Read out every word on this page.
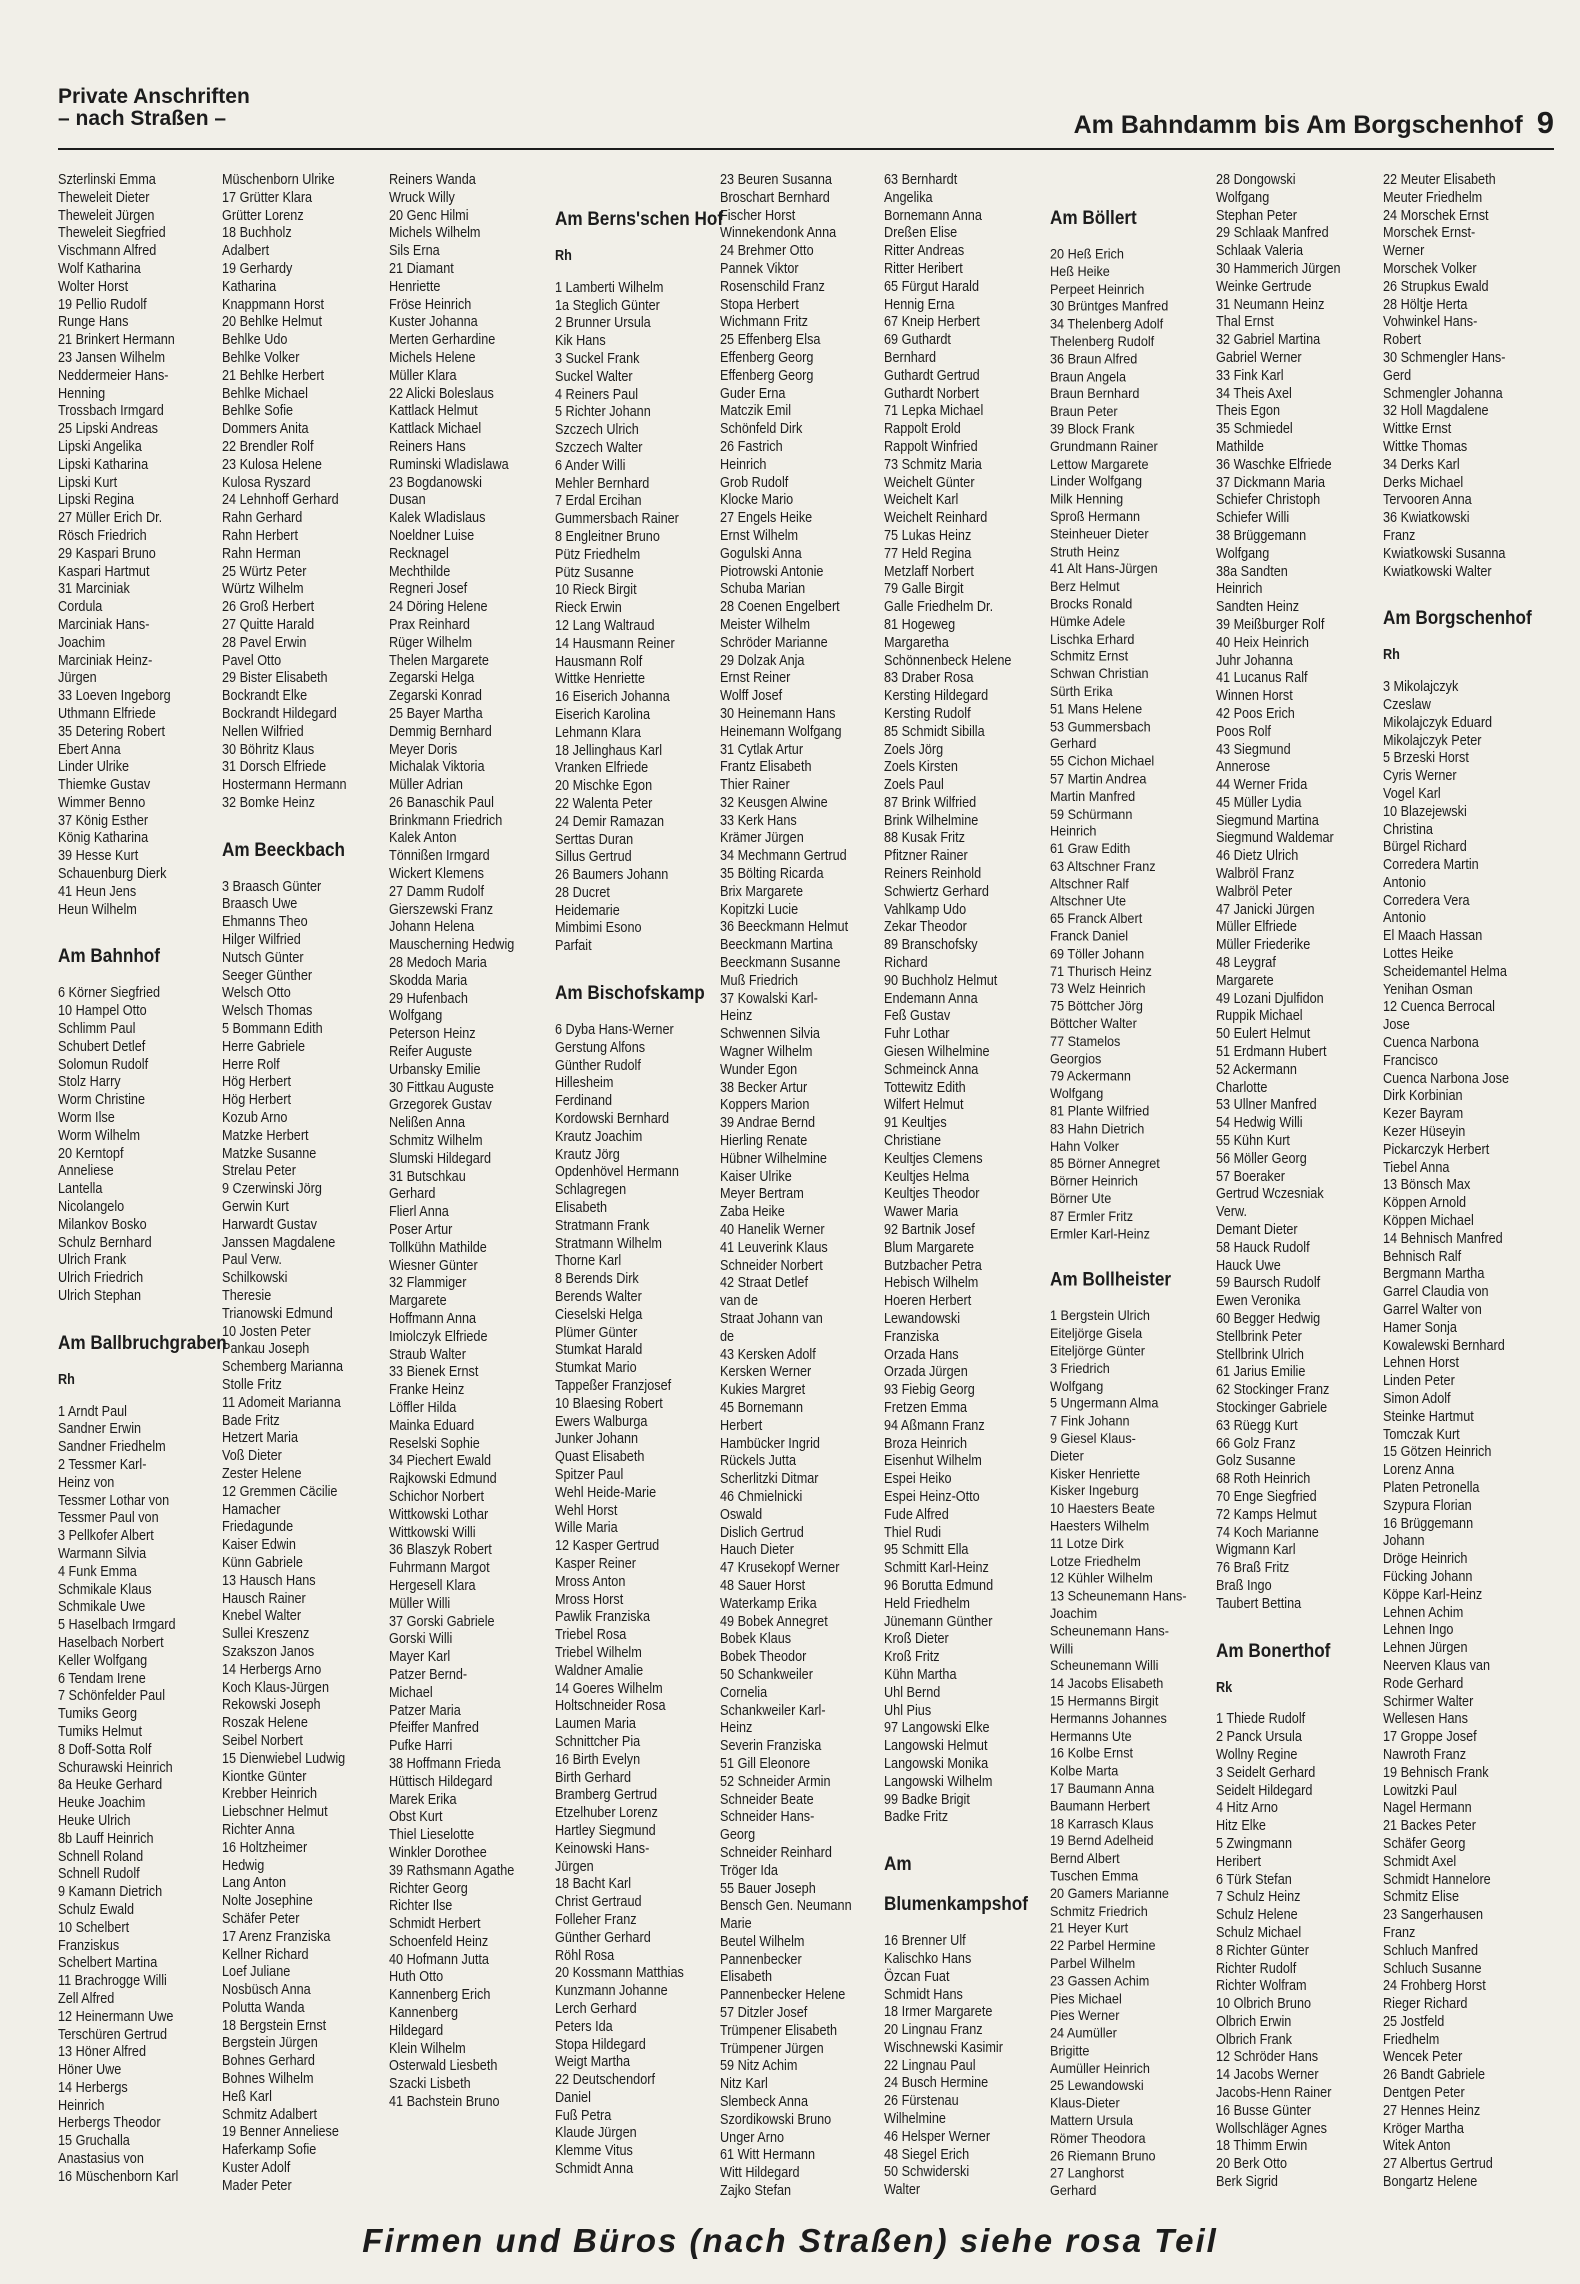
Private Anschriften
– nach Straßen –	Am Bahndamm bis Am Borgschenhof 9
Szterlinski Emma
Theweleit Dieter
Theweleit Jürgen
Theweleit Siegfried
Vischmann Alfred
Wolf Katharina
Wolter Horst
19 Pellio Rudolf
Runge Hans
21 Brinkert Hermann
23 Jansen Wilhelm
Neddermeier Hans-
Henning
Trossbach Irmgard
25 Lipski Andreas
Lipski Angelika
Lipski Katharina
Lipski Kurt
Lipski Regina
27 Müller Erich Dr.
Rösch Friedrich
29 Kaspari Bruno
Kaspari Hartmut
31 Marciniak
Cordula
Marciniak Hans-
Joachim
Marciniak Heinz-
Jürgen
33 Loeven Ingeborg
Uthmann Elfriede
35 Detering Robert
Ebert Anna
Linder Ulrike
Thiemke Gustav
Wimmer Benno
37 König Esther
König Katharina
39 Hesse Kurt
Schauenburg Dierk
41 Heun Jens
Heun Wilhelm
Am Bahnhof
6 Körner Siegfried
10 Hampel Otto
Schlimm Paul
Schubert Detlef
Solomun Rudolf
Stolz Harry
Worm Christine
Worm Ilse
Worm Wilhelm
20 Kerntopf
Anneliese
Lantella
Nicolangelo
Milankov Bosko
Schulz Bernhard
Ulrich Frank
Ulrich Friedrich
Ulrich Stephan
Am Ballbruchgraben
Rh
1 Arndt Paul
Sandner Erwin
Sandner Friedhelm
2 Tessmer Karl-
Heinz von
Tessmer Lothar von
Tessmer Paul von
3 Pellkofer Albert
Warmann Silvia
4 Funk Emma
Schmikale Klaus
Schmikale Uwe
5 Haselbach Irmgard
Haselbach Norbert
Keller Wolfgang
6 Tendam Irene
7 Schönfelder Paul
Tumiks Georg
Tumiks Helmut
8 Doff-Sotta Rolf
Schurawski Heinrich
8a Heuke Gerhard
Heuke Joachim
Heuke Ulrich
8b Lauff Heinrich
Schnell Roland
Schnell Rudolf
9 Kamann Dietrich
Schulz Ewald
10 Schelbert
Franziskus
Schelbert Martina
11 Brachrogge Willi
Zell Alfred
12 Heinermann Uwe
Terschüren Gertrud
13 Höner Alfred
Höner Uwe
14 Herbergs
Heinrich
Herbergs Theodor
15 Gruchalla
Anastasius von
16 Müschenborn Karl
Müschenborn Ulrike
17 Grütter Klara
Grütter Lorenz
18 Buchholz
Adalbert
19 Gerhardy
Katharina
Knappmann Horst
20 Behlke Helmut
Behlke Udo
Behlke Volker
21 Behlke Herbert
Behlke Michael
Behlke Sofie
Dommers Anita
22 Brendler Rolf
23 Kulosa Helene
Kulosa Ryszard
24 Lehnhoff Gerhard
Rahn Gerhard
Rahn Herbert
Rahn Herman
25 Würtz Peter
Würtz Wilhelm
26 Groß Herbert
27 Quitte Harald
28 Pavel Erwin
Pavel Otto
29 Bister Elisabeth
Bockrandt Elke
Bockrandt Hildegard
Nellen Wilfried
30 Böhritz Klaus
31 Dorsch Elfriede
Hostermann Hermann
32 Bomke Heinz
Am Beeckbach
3 Braasch Günter
Braasch Uwe
Ehmanns Theo
Hilger Wilfried
Nutsch Günter
Seeger Günther
Welsch Otto
Welsch Thomas
5 Bommann Edith
Herre Gabriele
Herre Rolf
Hög Herbert
Hög Herbert
Kozub Arno
Matzke Herbert
Matzke Susanne
Strelau Peter
9 Czerwinski Jörg
Gerwin Kurt
Harwardt Gustav
Janssen Magdalene
Paul Verw.
Schilkowski
Theresie
Trianowski Edmund
10 Josten Peter
Pankau Joseph
Schemberg Marianna
Stolle Fritz
11 Adomeit Marianna
Bade Fritz
Hetzert Maria
Voß Dieter
Zester Helene
12 Gremmen Cäcilie
Hamacher
Friedagunde
Kaiser Edwin
Künn Gabriele
13 Hausch Hans
Hausch Rainer
Knebel Walter
Sullei Kreszenz
Szakszon Janos
14 Herbergs Arno
Koch Klaus-Jürgen
Rekowski Joseph
Roszak Helene
Seibel Norbert
15 Dienwiebel Ludwig
Kiontke Günter
Krebber Heinrich
Liebschner Helmut
Richter Anna
16 Holtzheimer
Hedwig
Lang Anton
Nolte Josephine
Schäfer Peter
17 Arenz Franziska
Kellner Richard
Loef Juliane
Nosbüsch Anna
Polutta Wanda
18 Bergstein Ernst
Bergstein Jürgen
Bohnes Gerhard
Bohnes Wilhelm
Heß Karl
Schmitz Adalbert
19 Benner Anneliese
Haferkamp Sofie
Kuster Adolf
Mader Peter
Reiners Wanda
Wruck Willy
20 Genc Hilmi
Michels Wilhelm
Sils Erna
21 Diamant
Henriette
Fröse Heinrich
Kuster Johanna
Merten Gerhardine
Michels Helene
Müller Klara
22 Alicki Boleslaus
Kattlack Helmut
Kattlack Michael
Reiners Hans
Ruminski Wladislawa
23 Bogdanowski
Dusan
Kalek Wladislaus
Noeldner Luise
Recknagel
Mechthilde
Regneri Josef
24 Döring Helene
Prax Reinhard
Rüger Wilhelm
Thelen Margarete
Zegarski Helga
Zegarski Konrad
25 Bayer Martha
Demmig Bernhard
Meyer Doris
Michalak Viktoria
Müller Adrian
26 Banaschik Paul
Brinkmann Friedrich
Kalek Anton
Tönnißen Irmgard
Wickert Klemens
27 Damm Rudolf
Gierszewski Franz
Johann Helena
Mauscherning Hedwig
28 Medoch Maria
Skodda Maria
29 Hufenbach
Wolfgang
Peterson Heinz
Reifer Auguste
Urbansky Emilie
30 Fittkau Auguste
Grzegorek Gustav
Nelißen Anna
Schmitz Wilhelm
Slumski Hildegard
31 Butschkau
Gerhard
Flierl Anna
Poser Artur
Tollkühn Mathilde
Wiesner Günter
32 Flammiger
Margarete
Hoffmann Anna
Imiolczyk Elfriede
Straub Walter
33 Bienek Ernst
Franke Heinz
Löffler Hilda
Mainka Eduard
Reselski Sophie
34 Piechert Ewald
Rajkowski Edmund
Schichor Norbert
Wittkowski Lothar
Wittkowski Willi
36 Blaszyk Robert
Fuhrmann Margot
Hergesell Klara
Müller Willi
37 Gorski Gabriele
Gorski Willi
Mayer Karl
Patzer Bernd-
Michael
Patzer Maria
Pfeiffer Manfred
Pufke Harri
38 Hoffmann Frieda
Hüttisch Hildegard
Marek Erika
Obst Kurt
Thiel Lieselotte
Winkler Dorothee
39 Rathsmann Agathe
Richter Georg
Richter Ilse
Schmidt Herbert
Schoenfeld Heinz
40 Hofmann Jutta
Huth Otto
Kannenberg Erich
Kannenberg
Hildegard
Klein Wilhelm
Osterwald Liesbeth
Szacki Lisbeth
41 Bachstein Bruno
Am Berns'schen Hof
Rh
1 Lamberti Wilhelm
1a Steglich Günter
2 Brunner Ursula
Kik Hans
3 Suckel Frank
Suckel Walter
4 Reiners Paul
5 Richter Johann
Szczech Ulrich
Szczech Walter
6 Ander Willi
Mehler Bernhard
7 Erdal Ercihan
Gummersbach Rainer
8 Engleitner Bruno
Pütz Friedhelm
Pütz Susanne
10 Rieck Birgit
Rieck Erwin
12 Lang Waltraud
14 Hausmann Reiner
Hausmann Rolf
Wittke Henriette
16 Eiserich Johanna
Eiserich Karolina
Lehmann Klara
18 Jellinghaus Karl
Vranken Elfriede
20 Mischke Egon
22 Walenta Peter
24 Demir Ramazan
Serttas Duran
Sillus Gertrud
26 Baumers Johann
28 Ducret
Heidemarie
Mimbimi Esono
Parfait
Am Bischofskamp
6 Dyba Hans-Werner
Gerstung Alfons
Günther Rudolf
Hillesheim
Ferdinand
Kordowski Bernhard
Krautz Joachim
Krautz Jörg
Opdenhövel Hermann
Schlagregen
Elisabeth
Stratmann Frank
Stratmann Wilhelm
Thorne Karl
8 Berends Dirk
Berends Walter
Cieselski Helga
Plümer Günter
Stumkat Harald
Stumkat Mario
Tappeßer Franzjosef
10 Blaesing Robert
Ewers Walburga
Junker Johann
Quast Elisabeth
Spitzer Paul
Wehl Heide-Marie
Wehl Horst
Wille Maria
12 Kasper Gertrud
Kasper Reiner
Mross Anton
Mross Horst
Pawlik Franziska
Triebel Rosa
Triebel Wilhelm
Waldner Amalie
14 Goeres Wilhelm
Holtschneider Rosa
Laumen Maria
Schnittcher Pia
16 Birth Evelyn
Birth Gerhard
Bramberg Gertrud
Etzelhuber Lorenz
Hartley Siegmund
Keinowski Hans-
Jürgen
18 Bacht Karl
Christ Gertraud
Folleher Franz
Günther Gerhard
Röhl Rosa
20 Kossmann Matthias
Kunzmann Johanne
Lerch Gerhard
Peters Ida
Stopa Hildegard
Weigt Martha
22 Deutschendorf
Daniel
Fuß Petra
Klaude Jürgen
Klemme Vitus
Schmidt Anna
23 Beuren Susanna
Broschart Bernhard
Fischer Horst
Winnekendonk Anna
24 Brehmer Otto
Pannek Viktor
Rosenschild Franz
Stopa Herbert
Wichmann Fritz
25 Effenberg Elsa
Effenberg Georg
Effenberg Georg
Guder Erna
Matczik Emil
Schönfeld Dirk
26 Fastrich
Heinrich
Grob Rudolf
Klocke Mario
27 Engels Heike
Ernst Wilhelm
Gogulski Anna
Piotrowski Antonie
Schuba Marian
28 Coenen Engelbert
Meister Wilhelm
Schröder Marianne
29 Dolzak Anja
Ernst Reiner
Wolff Josef
30 Heinemann Hans
Heinemann Wolfgang
31 Cytlak Artur
Frantz Elisabeth
Thier Rainer
32 Keusgen Alwine
33 Kerk Hans
Krämer Jürgen
34 Mechmann Gertrud
35 Bölting Ricarda
Brix Margarete
Kopitzki Lucie
36 Beeckmann Helmut
Beeckmann Martina
Beeckmann Susanne
Muß Friedrich
37 Kowalski Karl-
Heinz
Schwennen Silvia
Wagner Wilhelm
Wunder Egon
38 Becker Artur
Koppers Marion
39 Andrae Bernd
Hierling Renate
Hübner Wilhelmine
Kaiser Ulrike
Meyer Bertram
Zaba Heike
40 Hanelik Werner
41 Leuverink Klaus
Schneider Norbert
42 Straat Detlef
van de
Straat Johann van
de
43 Kersken Adolf
Kersken Werner
Kukies Margret
45 Bornemann
Herbert
Hambücker Ingrid
Rückels Jutta
Scherlitzki Ditmar
46 Chmielnicki
Oswald
Dislich Gertrud
Hauch Dieter
47 Krusekopf Werner
48 Sauer Horst
Waterkamp Erika
49 Bobek Annegret
Bobek Klaus
Bobek Theodor
50 Schankweiler
Cornelia
Schankweiler Karl-
Heinz
Severin Franziska
51 Gill Eleonore
52 Schneider Armin
Schneider Beate
Schneider Hans-
Georg
Schneider Reinhard
Tröger Ida
55 Bauer Joseph
Bensch Gen. Neumann
Marie
Beutel Wilhelm
Pannenbecker
Elisabeth
Pannenbecker Helene
57 Ditzler Josef
Trümpener Elisabeth
Trümpener Jürgen
59 Nitz Achim
Nitz Karl
Slembeck Anna
Szordikowski Bruno
Unger Arno
61 Witt Hermann
Witt Hildegard
Zajko Stefan
63 Bernhardt
Angelika
Bornemann Anna
Dreßen Elise
Ritter Andreas
Ritter Heribert
65 Fürgut Harald
Hennig Erna
67 Kneip Herbert
69 Guthardt
Bernhard
Guthardt Gertrud
Guthardt Norbert
71 Lepka Michael
Rappolt Erold
Rappolt Winfried
73 Schmitz Maria
Weichelt Günter
Weichelt Karl
Weichelt Reinhard
75 Lukas Heinz
77 Held Regina
Metzlaff Norbert
79 Galle Birgit
Galle Friedhelm Dr.
81 Hogeweg
Margaretha
Schönnenbeck Helene
83 Draber Rosa
Kersting Hildegard
Kersting Rudolf
85 Schmidt Sibilla
Zoels Jörg
Zoels Kirsten
Zoels Paul
87 Brink Wilfried
Brink Wilhelmine
88 Kusak Fritz
Pfitzner Rainer
Reiners Reinhold
Schwiertz Gerhard
Vahlkamp Udo
Zekar Theodor
89 Branschofsky
Richard
90 Buchholz Helmut
Endemann Anna
Feß Gustav
Fuhr Lothar
Giesen Wilhelmine
Schmeinck Anna
Tottewitz Edith
Wilfert Helmut
91 Keultjes
Christiane
Keultjes Clemens
Keultjes Helma
Keultjes Theodor
Wawer Maria
92 Bartnik Josef
Blum Margarete
Butzbacher Petra
Hebisch Wilhelm
Hoeren Herbert
Lewandowski
Franziska
Orzada Hans
Orzada Jürgen
93 Fiebig Georg
Fretzen Emma
94 Aßmann Franz
Broza Heinrich
Eisenhut Wilhelm
Espei Heiko
Espei Heinz-Otto
Fude Alfred
Thiel Rudi
95 Schmitt Ella
Schmitt Karl-Heinz
96 Borutta Edmund
Held Friedhelm
Jünemann Günther
Kroß Dieter
Kroß Fritz
Kühn Martha
Uhl Bernd
Uhl Pius
97 Langowski Elke
Langowski Helmut
Langowski Monika
Langowski Wilhelm
99 Badke Brigit
Badke Fritz
Am
Blumenkampshof
16 Brenner Ulf
Kalischko Hans
Özcan Fuat
Schmidt Hans
18 Irmer Margarete
20 Lingnau Franz
Wischnewski Kasimir
22 Lingnau Paul
24 Busch Hermine
26 Fürstenau
Wilhelmine
46 Helsper Werner
48 Siegel Erich
50 Schwiderski
Walter
Am Böllert
20 Heß Erich
Heß Heike
Perpeet Heinrich
30 Brüntges Manfred
34 Thelenberg Adolf
Thelenberg Rudolf
36 Braun Alfred
Braun Angela
Braun Bernhard
Braun Peter
39 Block Frank
Grundmann Rainer
Lettow Margarete
Linder Wolfgang
Milk Henning
Sproß Hermann
Steinheuer Dieter
Struth Heinz
41 Alt Hans-Jürgen
Berz Helmut
Brocks Ronald
Hümke Adele
Lischka Erhard
Schmitz Ernst
Schwan Christian
Sürth Erika
51 Mans Helene
53 Gummersbach
Gerhard
55 Cichon Michael
57 Martin Andrea
Martin Manfred
59 Schürmann
Heinrich
61 Graw Edith
63 Altschner Franz
Altschner Ralf
Altschner Ute
65 Franck Albert
Franck Daniel
69 Töller Johann
71 Thurisch Heinz
73 Welz Heinrich
75 Böttcher Jörg
Böttcher Walter
77 Stamelos
Georgios
79 Ackermann
Wolfgang
81 Plante Wilfried
83 Hahn Dietrich
Hahn Volker
85 Börner Annegret
Börner Heinrich
Börner Ute
87 Ermler Fritz
Ermler Karl-Heinz
Am Bollheister
1 Bergstein Ulrich
Eiteljörge Gisela
Eiteljörge Günter
3 Friedrich
Wolfgang
5 Ungermann Alma
7 Fink Johann
9 Giesel Klaus-
Dieter
Kisker Henriette
Kisker Ingeburg
10 Haesters Beate
Haesters Wilhelm
11 Lotze Dirk
Lotze Friedhelm
12 Kühler Wilhelm
13 Scheunemann Hans-
Joachim
Scheunemann Hans-
Willi
Scheunemann Willi
14 Jacobs Elisabeth
15 Hermanns Birgit
Hermanns Johannes
Hermanns Ute
16 Kolbe Ernst
Kolbe Marta
17 Baumann Anna
Baumann Herbert
18 Karrasch Klaus
19 Bernd Adelheid
Bernd Albert
Tuschen Emma
20 Gamers Marianne
Schmitz Friedrich
21 Heyer Kurt
22 Parbel Hermine
Parbel Wilhelm
23 Gassen Achim
Pies Michael
Pies Werner
24 Aumüller
Brigitte
Aumüller Heinrich
25 Lewandowski
Klaus-Dieter
Mattern Ursula
Römer Theodora
26 Riemann Bruno
27 Langhorst
Gerhard
28 Dongowski
Wolfgang
Stephan Peter
29 Schlaak Manfred
Schlaak Valeria
30 Hammerich Jürgen
Weinke Gertrude
31 Neumann Heinz
Thal Ernst
32 Gabriel Martina
Gabriel Werner
33 Fink Karl
34 Theis Axel
Theis Egon
35 Schmiedel
Mathilde
36 Waschke Elfriede
37 Dickmann Maria
Schiefer Christoph
Schiefer Willi
38 Brüggemann
Wolfgang
38a Sandten
Heinrich
Sandten Heinz
39 Meißburger Rolf
40 Heix Heinrich
Juhr Johanna
41 Lucanus Ralf
Winnen Horst
42 Poos Erich
Poos Rolf
43 Siegmund
Annerose
44 Werner Frida
45 Müller Lydia
Siegmund Martina
Siegmund Waldemar
46 Dietz Ulrich
Walbröl Franz
Walbröl Peter
47 Janicki Jürgen
Müller Elfriede
Müller Friederike
48 Leygraf
Margarete
49 Lozani Djulfidon
Ruppik Michael
50 Eulert Helmut
51 Erdmann Hubert
52 Ackermann
Charlotte
53 Ullner Manfred
54 Hedwig Willi
55 Kühn Kurt
56 Möller Georg
57 Boeraker
Gertrud Wczesniak
Verw.
Demant Dieter
58 Hauck Rudolf
Hauck Uwe
59 Baursch Rudolf
Ewen Veronika
60 Begger Hedwig
Stellbrink Peter
Stellbrink Ulrich
61 Jarius Emilie
62 Stockinger Franz
Stockinger Gabriele
63 Rüegg Kurt
66 Golz Franz
Golz Susanne
68 Roth Heinrich
70 Enge Siegfried
72 Kamps Helmut
74 Koch Marianne
Wigmann Karl
76 Braß Fritz
Braß Ingo
Taubert Bettina
Am Bonerthof
Rk
1 Thiede Rudolf
2 Panck Ursula
Wollny Regine
3 Seidelt Gerhard
Seidelt Hildegard
4 Hitz Arno
Hitz Elke
5 Zwingmann
Heribert
6 Türk Stefan
7 Schulz Heinz
Schulz Helene
Schulz Michael
8 Richter Günter
Richter Rudolf
Richter Wolfram
10 Olbrich Bruno
Olbrich Erwin
Olbrich Frank
12 Schröder Hans
14 Jacobs Werner
Jacobs-Henn Rainer
16 Busse Günter
Wollschläger Agnes
18 Thimm Erwin
20 Berk Otto
Berk Sigrid
22 Meuter Elisabeth
Meuter Friedhelm
24 Morschek Ernst
Morschek Ernst-
Werner
Morschek Volker
26 Strupkus Ewald
28 Höltje Herta
Vohwinkel Hans-
Robert
30 Schmengler Hans-
Gerd
Schmengler Johanna
32 Holl Magdalene
Wittke Ernst
Wittke Thomas
34 Derks Karl
Derks Michael
Tervooren Anna
36 Kwiatkowski
Franz
Kwiatkowski Susanna
Kwiatkowski Walter
Am Borgschenhof
Rh
3 Mikolajczyk
Czeslaw
Mikolajczyk Eduard
Mikolajczyk Peter
5 Brzeski Horst
Cyris Werner
Vogel Karl
10 Blazejewski
Christina
Bürgel Richard
Corredera Martin
Antonio
Corredera Vera
Antonio
El Maach Hassan
Lottes Heike
Scheidemantel Helma
Yenihan Osman
12 Cuenca Berrocal
Jose
Cuenca Narbona
Francisco
Cuenca Narbona Jose
Dirk Korbinian
Kezer Bayram
Kezer Hüseyin
Pickarczyk Herbert
Tiebel Anna
13 Bönsch Max
Köppen Arnold
Köppen Michael
14 Behnisch Manfred
Behnisch Ralf
Bergmann Martha
Garrel Claudia von
Garrel Walter von
Hamer Sonja
Kowalewski Bernhard
Lehnen Horst
Linden Peter
Simon Adolf
Steinke Hartmut
Tomczak Kurt
15 Götzen Heinrich
Lorenz Anna
Platen Petronella
Szypura Florian
16 Brüggemann
Johann
Dröge Heinrich
Fücking Johann
Köppe Karl-Heinz
Lehnen Achim
Lehnen Ingo
Lehnen Jürgen
Neerven Klaus van
Rode Gerhard
Schirmer Walter
Wellesen Hans
17 Groppe Josef
Nawroth Franz
19 Behnisch Frank
Lowitzki Paul
Nagel Hermann
21 Backes Peter
Schäfer Georg
Schmidt Axel
Schmidt Hannelore
Schmitz Elise
23 Sangerhausen
Franz
Schluch Manfred
Schluch Susanne
24 Frohberg Horst
Rieger Richard
25 Jostfeld
Friedhelm
Wencek Peter
26 Bandt Gabriele
Dentgen Peter
27 Hennes Heinz
Kröger Martha
Witek Anton
27 Albertus Gertrud
Bongartz Helene
Firmen und Büros (nach Straßen) siehe rosa Teil
